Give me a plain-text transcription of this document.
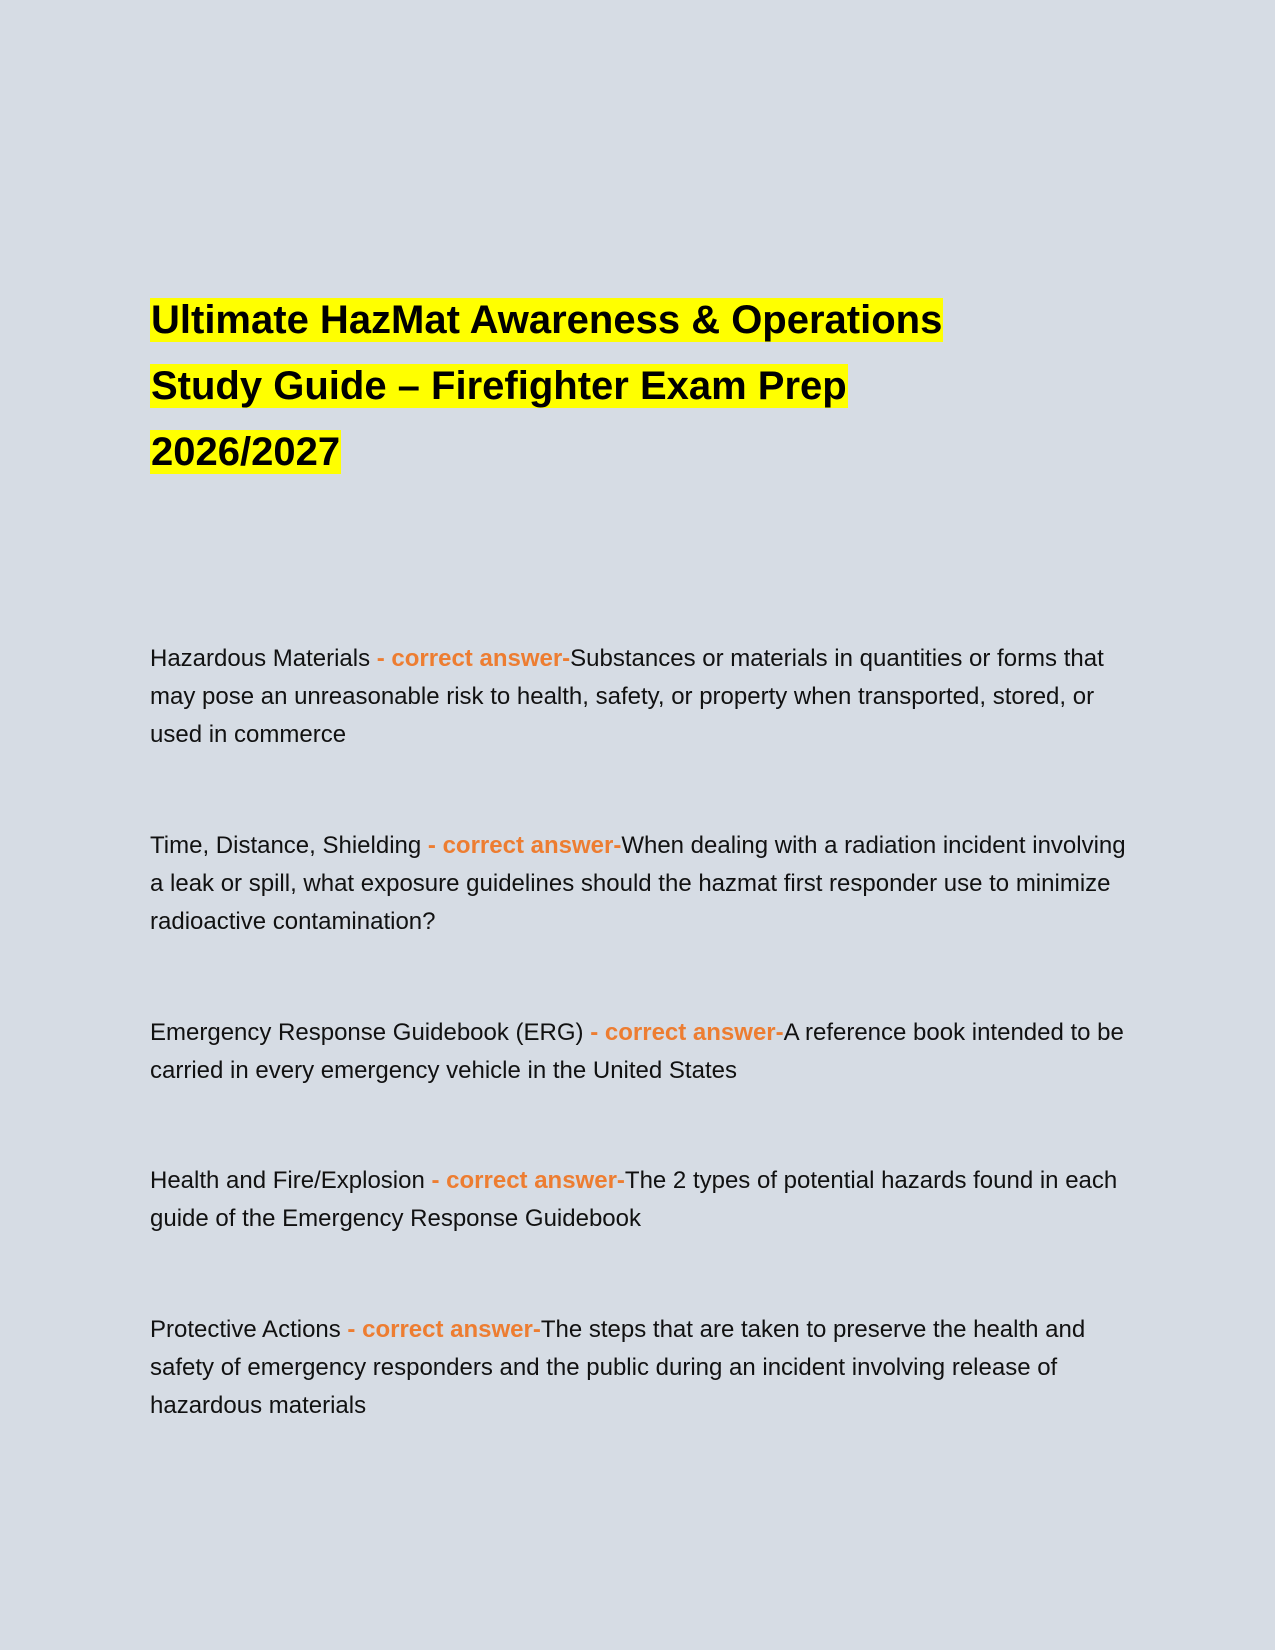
Ultimate HazMat Awareness & Operations
Study Guide – Firefighter Exam Prep
2026/2027
Hazardous Materials - correct answer-Substances or materials in quantities or forms that may pose an unreasonable risk to health, safety, or property when transported, stored, or used in commerce
Time, Distance, Shielding - correct answer-When dealing with a radiation incident involving a leak or spill, what exposure guidelines should the hazmat first responder use to minimize radioactive contamination?
Emergency Response Guidebook (ERG) - correct answer-A reference book intended to be carried in every emergency vehicle in the United States
Health and Fire/Explosion - correct answer-The 2 types of potential hazards found in each guide of the Emergency Response Guidebook
Protective Actions - correct answer-The steps that are taken to preserve the health and safety of emergency responders and the public during an incident involving release of hazardous materials
